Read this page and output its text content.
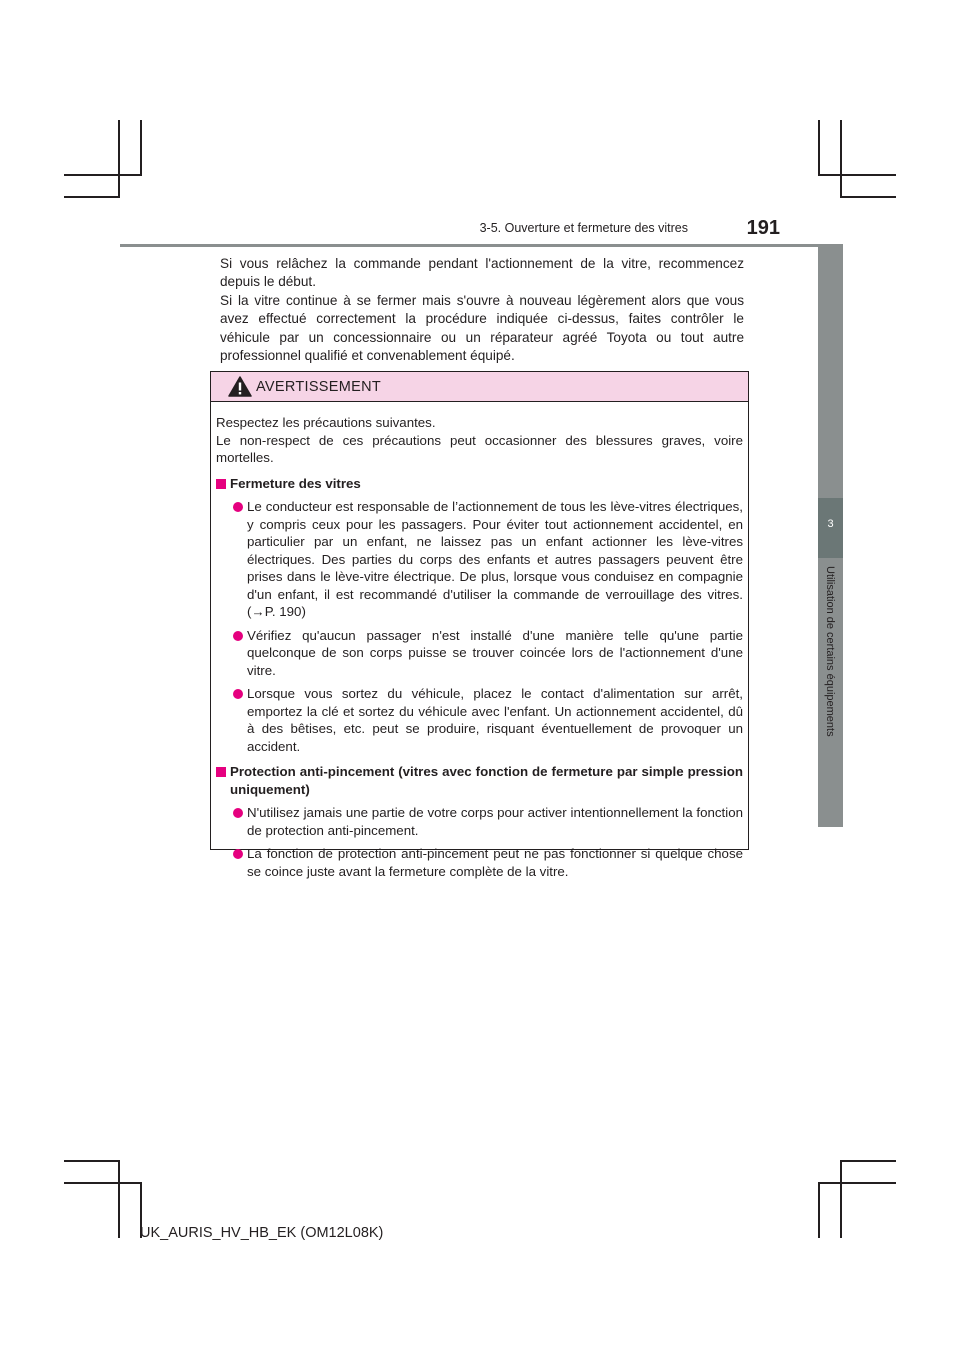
3-5. Ouverture et fermeture des vitres	191
3
Utilisation de certains équipements

Si vous relâchez la commande pendant l'actionnement de la vitre, recommencez depuis le début.

Si la vitre continue à se fermer mais s'ouvre à nouveau légèrement alors que vous avez effectué correctement la procédure indiquée ci-dessus, faites contrôler le véhicule par un concessionnaire ou un réparateur agréé Toyota ou tout autre professionnel qualifié et convenablement équipé.

AVERTISSEMENT

Respectez les précautions suivantes.

Le non-respect de ces précautions peut occasionner des blessures graves, voire mortelles.

Fermeture des vitres
Le conducteur est responsable de l’actionnement de tous les lève-vitres électriques, y compris ceux pour les passagers. Pour éviter tout actionnement accidentel, en particulier par un enfant, ne laissez pas un enfant actionner les lève-vitres électriques. Des parties du corps des enfants et autres passagers peuvent être prises dans le lève-vitre électrique. De plus, lorsque vous conduisez en compagnie d'un enfant, il est recommandé d'utiliser la commande de verrouillage des vitres. (→P. 190)
Vérifiez qu'aucun passager n'est installé d'une manière telle qu'une partie quelconque de son corps puisse se trouver coincée lors de l'actionnement d'une vitre.
Lorsque vous sortez du véhicule, placez le contact d'alimentation sur arrêt, emportez la clé et sortez du véhicule avec l'enfant. Un actionnement accidentel, dû à des bêtises, etc. peut se produire, risquant éventuellement de provoquer un accident.
Protection anti-pincement (vitres avec fonction de fermeture par simple pression uniquement)
N'utilisez jamais une partie de votre corps pour activer intentionnellement la fonction de protection anti-pincement.
La fonction de protection anti-pincement peut ne pas fonctionner si quelque chose se coince juste avant la fermeture complète de la vitre.
UK_AURIS_HV_HB_EK (OM12L08K)
